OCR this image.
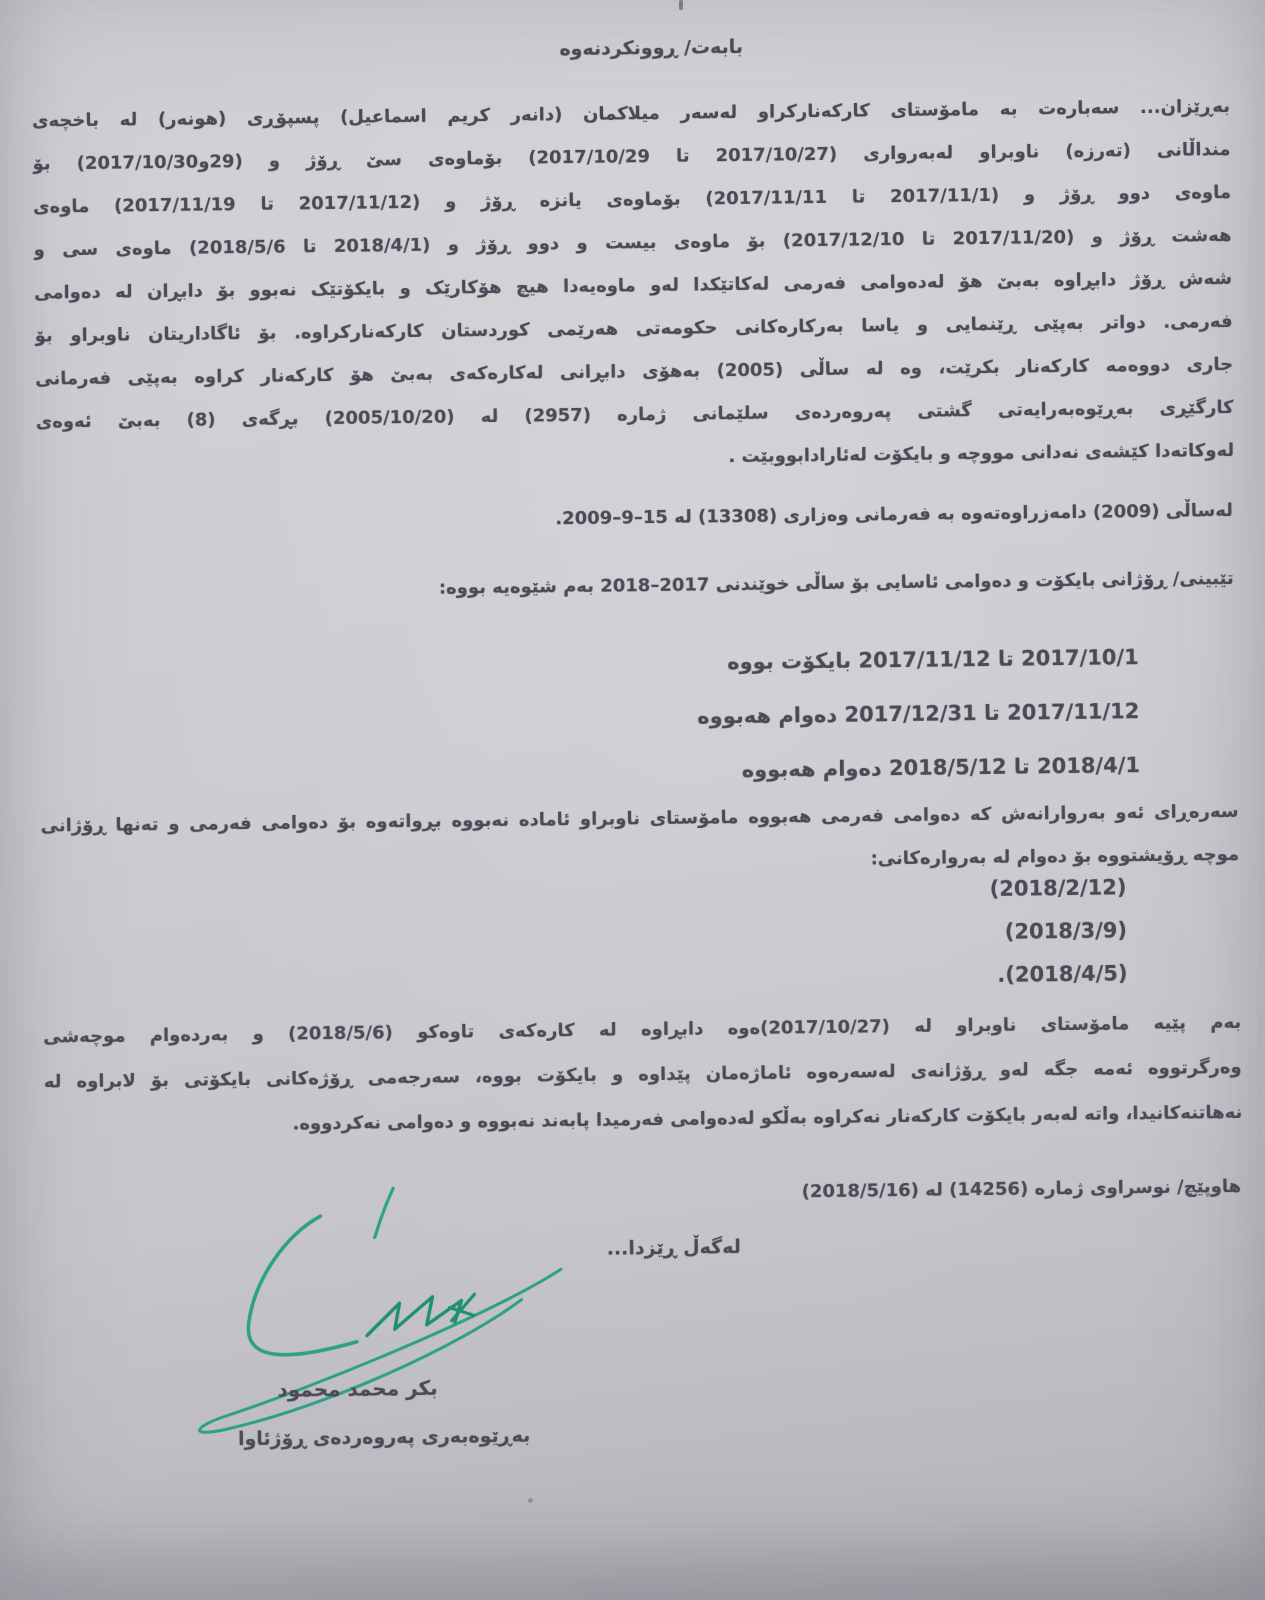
بابەت/ ڕوونکردنەوە
بەڕێزان... سەبارەت بە مامۆستای کارکەنارکراو لەسەر میلاکمان (دانەر کریم اسماعیل) پسپۆڕی (هونەر) لە باخچەی
منداڵانی (تەرزە) ناوبراو لەبەرواری (2017/10/27 تا 2017/10/29) بۆماوەی سێ ڕۆژ و (29و2017/10/30) بۆ
ماوەی دوو ڕۆژ و (2017/11/1 تا 2017/11/11) بۆماوەی یانزە ڕۆژ و (2017/11/12 تا 2017/11/19) ماوەی
هەشت ڕۆژ و (2017/11/20 تا 2017/12/10) بۆ ماوەی بیست و دوو ڕۆژ و (2018/4/1 تا 2018/5/6) ماوەی سی و
شەش ڕۆژ دابڕاوە بەبێ هۆ لەدەوامی فەرمی لەکاتێکدا لەو ماوەیەدا هیچ هۆکارێک و بایکۆتێک نەبوو بۆ دابڕان لە دەوامی
فەرمی. دواتر بەپێی ڕێنمایی و یاسا بەرکارەکانی حکومەتی هەرێمی کوردستان کارکەنارکراوە. بۆ ئاگاداریتان ناوبراو بۆ
جاری دووەمە کارکەنار بکرێت، وە لە ساڵی (2005) بەهۆی دابڕانی لەکارەکەی بەبێ هۆ کارکەنار کراوە بەپێی فەرمانی
کارگێڕی بەڕێوەبەرایەتی گشتی پەروەردەی سلێمانی ژمارە (2957) لە (2005/10/20) بڕگەی (8) بەبێ ئەوەی
لەوکاتەدا کێشەی نەدانی مووچە و بایکۆت لەئارادابووبێت .
لەساڵی (2009) دامەزراوەتەوە بە فەرمانی وەزاری (13308) لە 15–9–2009.
تێبینی/ ڕۆژانی بایکۆت و دەوامی ئاسایی بۆ ساڵی خوێندنی 2017–2018 بەم شێوەیە بووە:
2017/10/1 تا 2017/11/12 بایکۆت بووە
2017/11/12 تا 2017/12/31 دەوام هەبووە
2018/4/1 تا 2018/5/12 دەوام هەبووە
سەرەڕای ئەو بەروارانەش کە دەوامی فەرمی هەبووە مامۆستای ناوبراو ئامادە نەبووە بڕواتەوە بۆ دەوامی فەرمی و تەنها ڕۆژانی
موچە ڕۆیشتووە بۆ دەوام لە بەروارەکانی:
(2018/2/12)
(2018/3/9)
(2018/4/5).
بەم پێیە مامۆستای ناوبراو لە (2017/10/27)ەوە دابڕاوە لە کارەکەی تاوەکو (2018/5/6) و بەردەوام موچەشی
وەرگرتووە ئەمە جگە لەو ڕۆژانەی لەسەرەوە ئاماژەمان پێداوە و بایکۆت بووە، سەرجەمی ڕۆژەکانی بایکۆتی بۆ لابراوە لە
نەهاتنەکانیدا، واتە لەبەر بایکۆت کارکەنار نەکراوە بەڵکو لەدەوامی فەرمیدا پابەند نەبووە و دەوامی نەکردووە.
هاوپێچ/ نوسراوی ژمارە (14256) لە (2018/5/16)
لەگەڵ ڕێزدا...
بکر محمد محمود
بەڕێوەبەری پەروەردەی ڕۆژئاوا
